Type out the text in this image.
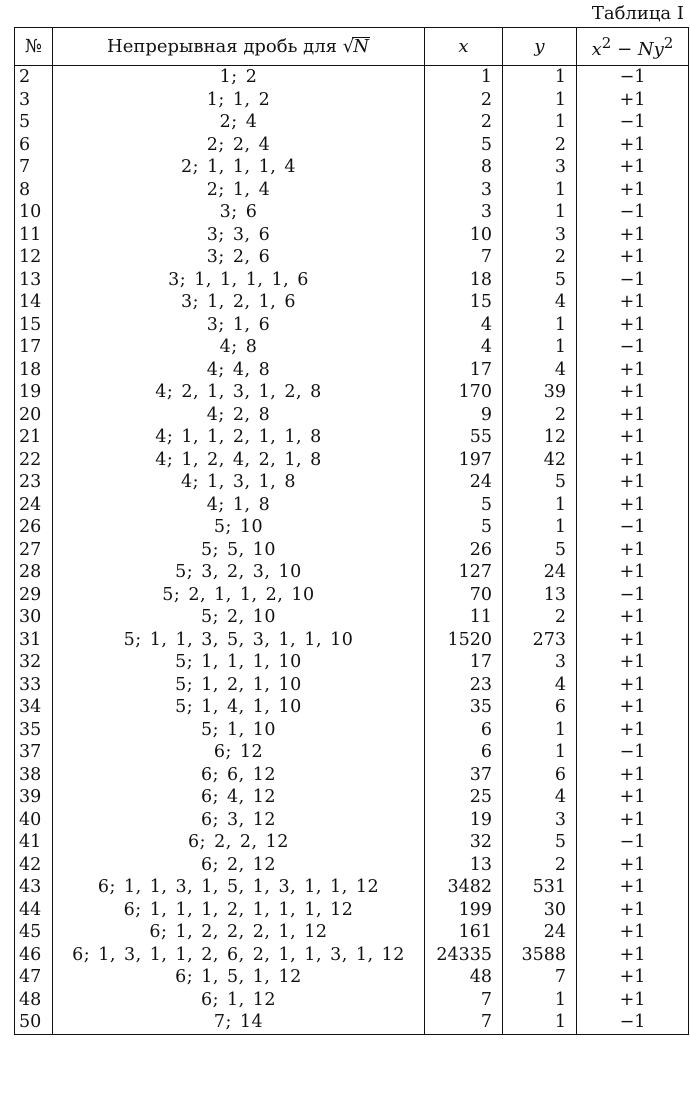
Таблица I
№	Непрерывная дробь для √N	x	y	$x^2 - Ny^2$
2	1; 2	1	1	−1
3	1; 1, 2	2	1	+1
5	2; 4	2	1	−1
6	2; 2, 4	5	2	+1
7	2; 1, 1, 1, 4	8	3	+1
8	2; 1, 4	3	1	+1
10	3; 6	3	1	−1
11	3; 3, 6	10	3	+1
12	3; 2, 6	7	2	+1
13	3; 1, 1, 1, 1, 6	18	5	−1
14	3; 1, 2, 1, 6	15	4	+1
15	3; 1, 6	4	1	+1
17	4; 8	4	1	−1
18	4; 4, 8	17	4	+1
19	4; 2, 1, 3, 1, 2, 8	170	39	+1
20	4; 2, 8	9	2	+1
21	4; 1, 1, 2, 1, 1, 8	55	12	+1
22	4; 1, 2, 4, 2, 1, 8	197	42	+1
23	4; 1, 3, 1, 8	24	5	+1
24	4; 1, 8	5	1	+1
26	5; 10	5	1	−1
27	5; 5, 10	26	5	+1
28	5; 3, 2, 3, 10	127	24	+1
29	5; 2, 1, 1, 2, 10	70	13	−1
30	5; 2, 10	11	2	+1
31	5; 1, 1, 3, 5, 3, 1, 1, 10	1520	273	+1
32	5; 1, 1, 1, 10	17	3	+1
33	5; 1, 2, 1, 10	23	4	+1
34	5; 1, 4, 1, 10	35	6	+1
35	5; 1, 10	6	1	+1
37	6; 12	6	1	−1
38	6; 6, 12	37	6	+1
39	6; 4, 12	25	4	+1
40	6; 3, 12	19	3	+1
41	6; 2, 2, 12	32	5	−1
42	6; 2, 12	13	2	+1
43	6; 1, 1, 3, 1, 5, 1, 3, 1, 1, 12	3482	531	+1
44	6; 1, 1, 1, 2, 1, 1, 1, 12	199	30	+1
45	6; 1, 2, 2, 2, 1, 12	161	24	+1
46	6; 1, 3, 1, 1, 2, 6, 2, 1, 1, 3, 1, 12	24335	3588	+1
47	6; 1, 5, 1, 12	48	7	+1
48	6; 1, 12	7	1	+1
50	7; 14	7	1	−1
